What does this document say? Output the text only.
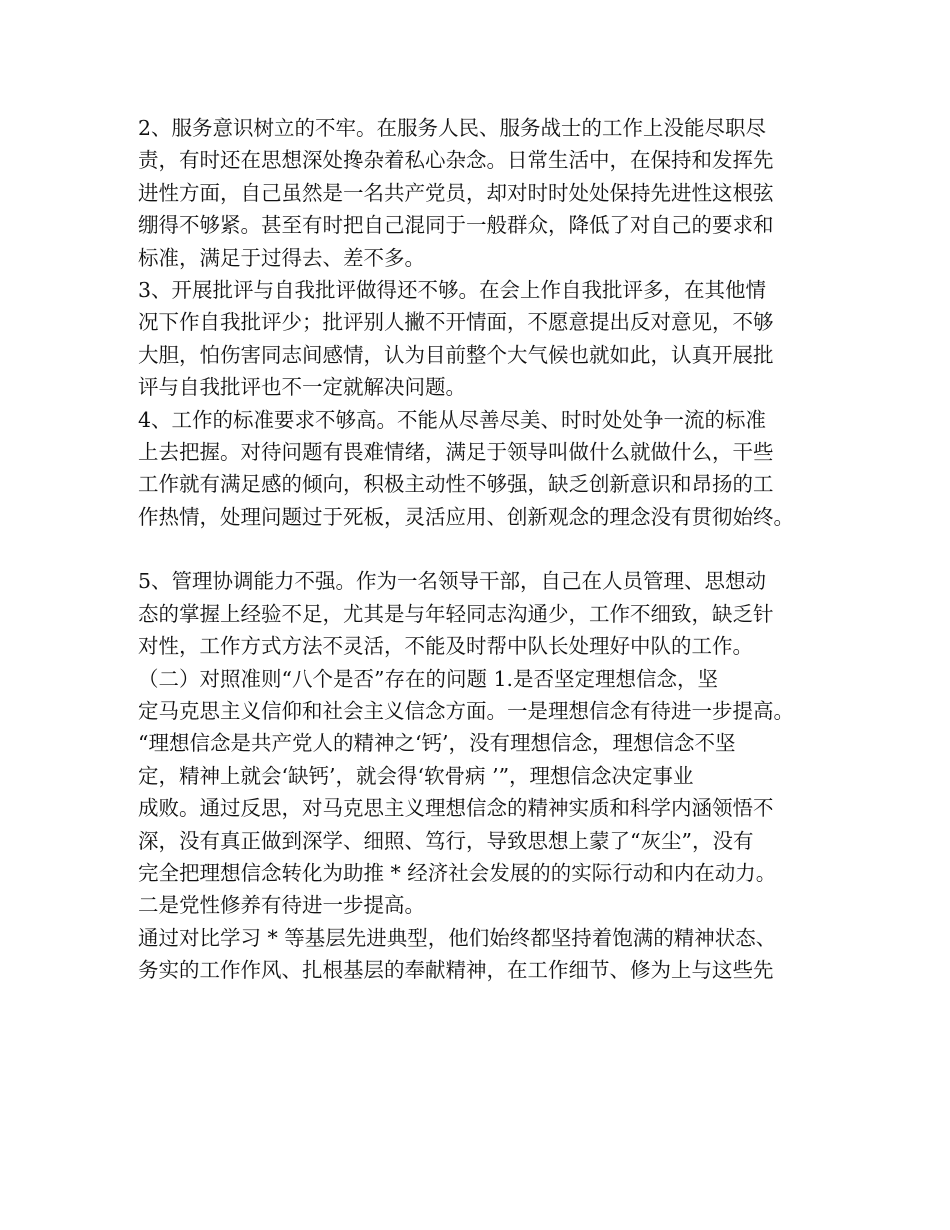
2、服务意识树立的不牢。在服务人民、服务战士的工作上没能尽职尽
责，有时还在思想深处搀杂着私心杂念。日常生活中，在保持和发挥先
进性方面，自己虽然是一名共产党员，却对时时处处保持先进性这根弦
绷得不够紧。甚至有时把自己混同于一般群众，降低了对自己的要求和
标准，满足于过得去、差不多。
3、开展批评与自我批评做得还不够。在会上作自我批评多，在其他情
况下作自我批评少；批评别人撇不开情面，不愿意提出反对意见，不够
大胆，怕伤害同志间感情，认为目前整个大气候也就如此，认真开展批
评与自我批评也不一定就解决问题。
4、工作的标准要求不够高。不能从尽善尽美、时时处处争一流的标准
上去把握。对待问题有畏难情绪，满足于领导叫做什么就做什么，干些
工作就有满足感的倾向，积极主动性不够强，缺乏创新意识和昂扬的工
作热情，处理问题过于死板，灵活应用、创新观念的理念没有贯彻始终。
5、管理协调能力不强。作为一名领导干部，自己在人员管理、思想动
态的掌握上经验不足，尤其是与年轻同志沟通少，工作不细致，缺乏针
对性，工作方式方法不灵活，不能及时帮中队长处理好中队的工作。
（二）对照准则“八个是否”存在的问题 1.是否坚定理想信念，坚
定马克思主义信仰和社会主义信念方面。一是理想信念有待进一步提高。
“理想信念是共产党人的精神之‘钙’，没有理想信念，理想信念不坚
定，精神上就会‘缺钙’，就会得‘软骨病 ’”，理想信念决定事业
成败。通过反思，对马克思主义理想信念的精神实质和科学内涵领悟不
深，没有真正做到深学、细照、笃行，导致思想上蒙了“灰尘”，没有
完全把理想信念转化为助推 * 经济社会发展的的实际行动和内在动力。
二是党性修养有待进一步提高。
通过对比学习 * 等基层先进典型，他们始终都坚持着饱满的精神状态、
务实的工作作风、扎根基层的奉献精神，在工作细节、修为上与这些先
